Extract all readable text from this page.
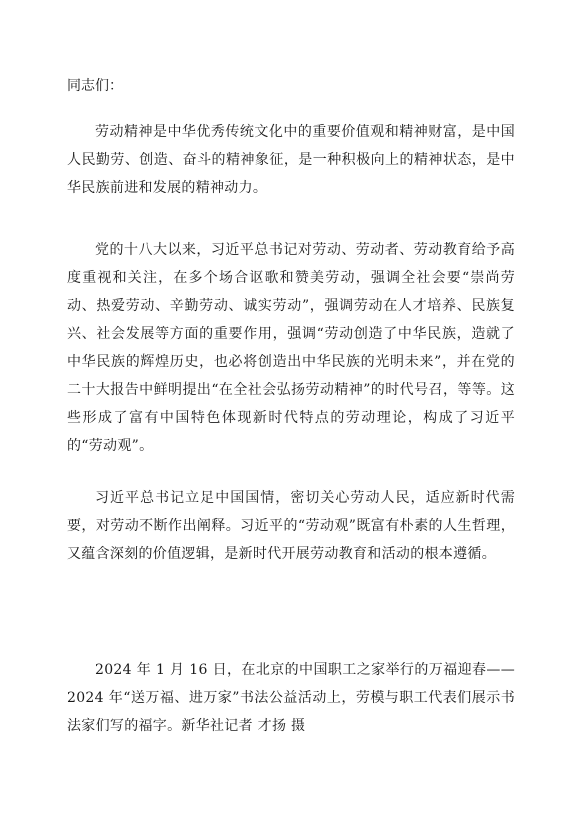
同志们：

劳动精神是中华优秀传统文化中的重要价值观和精神财富，是中国人民勤劳、创造、奋斗的精神象征，是一种积极向上的精神状态，是中华民族前进和发展的精神动力。

党的十八大以来，习近平总书记对劳动、劳动者、劳动教育给予高度重视和关注，在多个场合讴歌和赞美劳动，强调全社会要“崇尚劳动、热爱劳动、辛勤劳动、诚实劳动”，强调劳动在人才培养、民族复兴、社会发展等方面的重要作用，强调“劳动创造了中华民族，造就了中华民族的辉煌历史，也必将创造出中华民族的光明未来”，并在党的二十大报告中鲜明提出“在全社会弘扬劳动精神”的时代号召，等等。这些形成了富有中国特色体现新时代特点的劳动理论，构成了习近平的“劳动观”。

习近平总书记立足中国国情，密切关心劳动人民，适应新时代需要，对劳动不断作出阐释。习近平的“劳动观”既富有朴素的人生哲理，又蕴含深刻的价值逻辑，是新时代开展劳动教育和活动的根本遵循。

2024 年 1 月 16 日，在北京的中国职工之家举行的万福迎春——2024 年“送万福、进万家”书法公益活动上，劳模与职工代表们展示书法家们写的福字。新华社记者 才扬 摄
